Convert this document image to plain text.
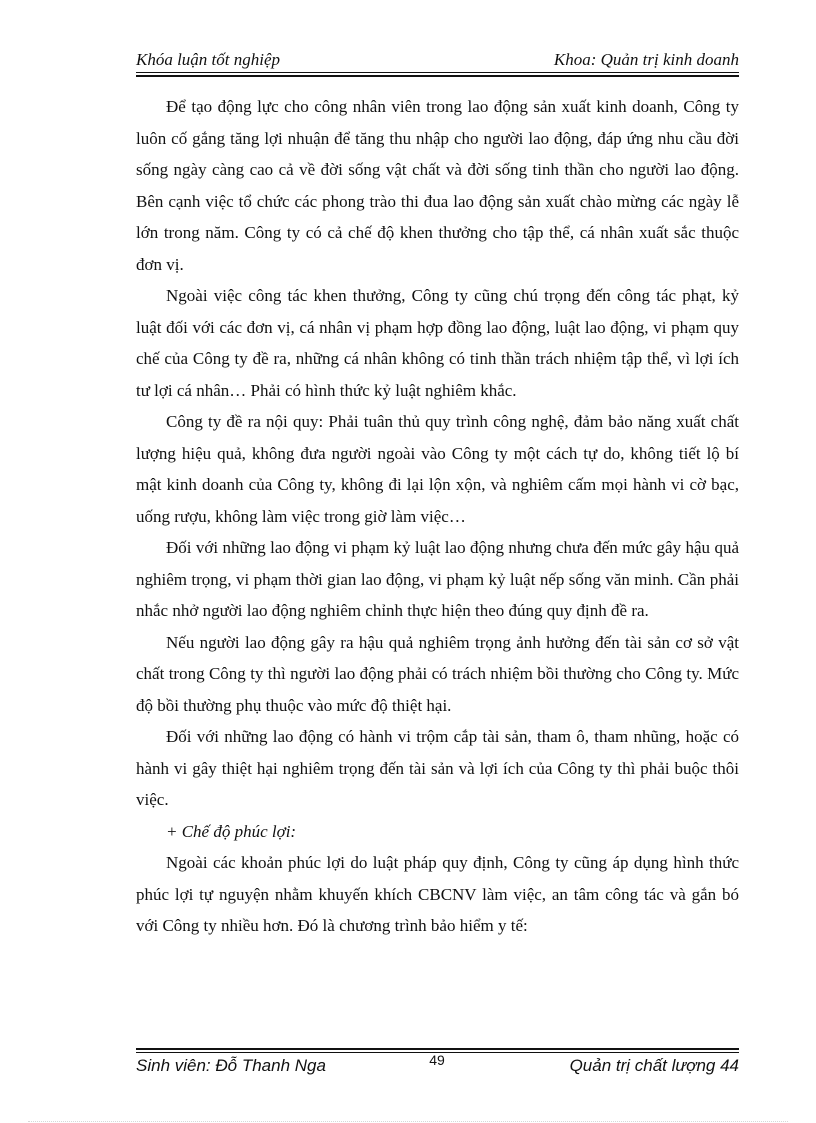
Khóa luận tốt nghiệp	Khoa: Quản trị kinh doanh

Để tạo động lực cho công nhân viên trong lao động sản xuất kinh doanh, Công ty luôn cố gắng tăng lợi nhuận để tăng thu nhập cho người lao động, đáp ứng nhu cầu đời sống ngày càng cao cả về đời sống vật chất và đời sống tinh thần cho người lao động. Bên cạnh việc tổ chức các phong trào thi đua lao động sản xuất chào mừng các ngày lễ lớn trong năm. Công ty có cả chế độ khen thưởng cho tập thể, cá nhân xuất sắc thuộc đơn vị.

Ngoài việc công tác khen thưởng, Công ty cũng chú trọng đến công tác phạt, kỷ luật đối với các đơn vị, cá nhân vị phạm hợp đồng lao động, luật lao động, vi phạm quy chế của Công ty đề ra, những cá nhân không có tinh thần trách nhiệm tập thể, vì lợi ích tư lợi cá nhân… Phải có hình thức kỷ luật nghiêm khắc.

Công ty đề ra nội quy: Phải tuân thủ quy trình công nghệ, đảm bảo năng xuất chất lượng hiệu quả, không đưa người ngoài vào Công ty một cách tự do, không tiết lộ bí mật kinh doanh của Công ty, không đi lại lộn xộn, và nghiêm cấm mọi hành vi cờ bạc, uống rượu, không làm việc trong giờ làm việc…

Đối với những lao động vi phạm kỷ luật lao động nhưng chưa đến mức gây hậu quả nghiêm trọng, vi phạm thời gian lao động, vi phạm kỷ luật nếp sống văn minh. Cần phải nhắc nhở người lao động nghiêm chỉnh thực hiện theo đúng quy định đề ra.

Nếu người lao động gây ra hậu quả nghiêm trọng ảnh hưởng đến tài sản cơ sở vật chất trong Công ty thì người lao động phải có trách nhiệm bồi thường cho Công ty. Mức độ bồi thường phụ thuộc vào mức độ thiệt hại.

Đối với những lao động có hành vi trộm cắp tài sản, tham ô, tham nhũng, hoặc có hành vi gây thiệt hại nghiêm trọng đến tài sản và lợi ích của Công ty thì phải buộc thôi việc.

+ Chế độ phúc lợi:

Ngoài các khoản phúc lợi do luật pháp quy định, Công ty cũng áp dụng hình thức phúc lợi tự nguyện nhằm khuyến khích CBCNV làm việc, an tâm công tác và gắn bó với Công ty nhiều hơn. Đó là chương trình bảo hiểm y tế:

49
Sinh viên: Đỗ Thanh Nga	Quản trị chất lượng 44
